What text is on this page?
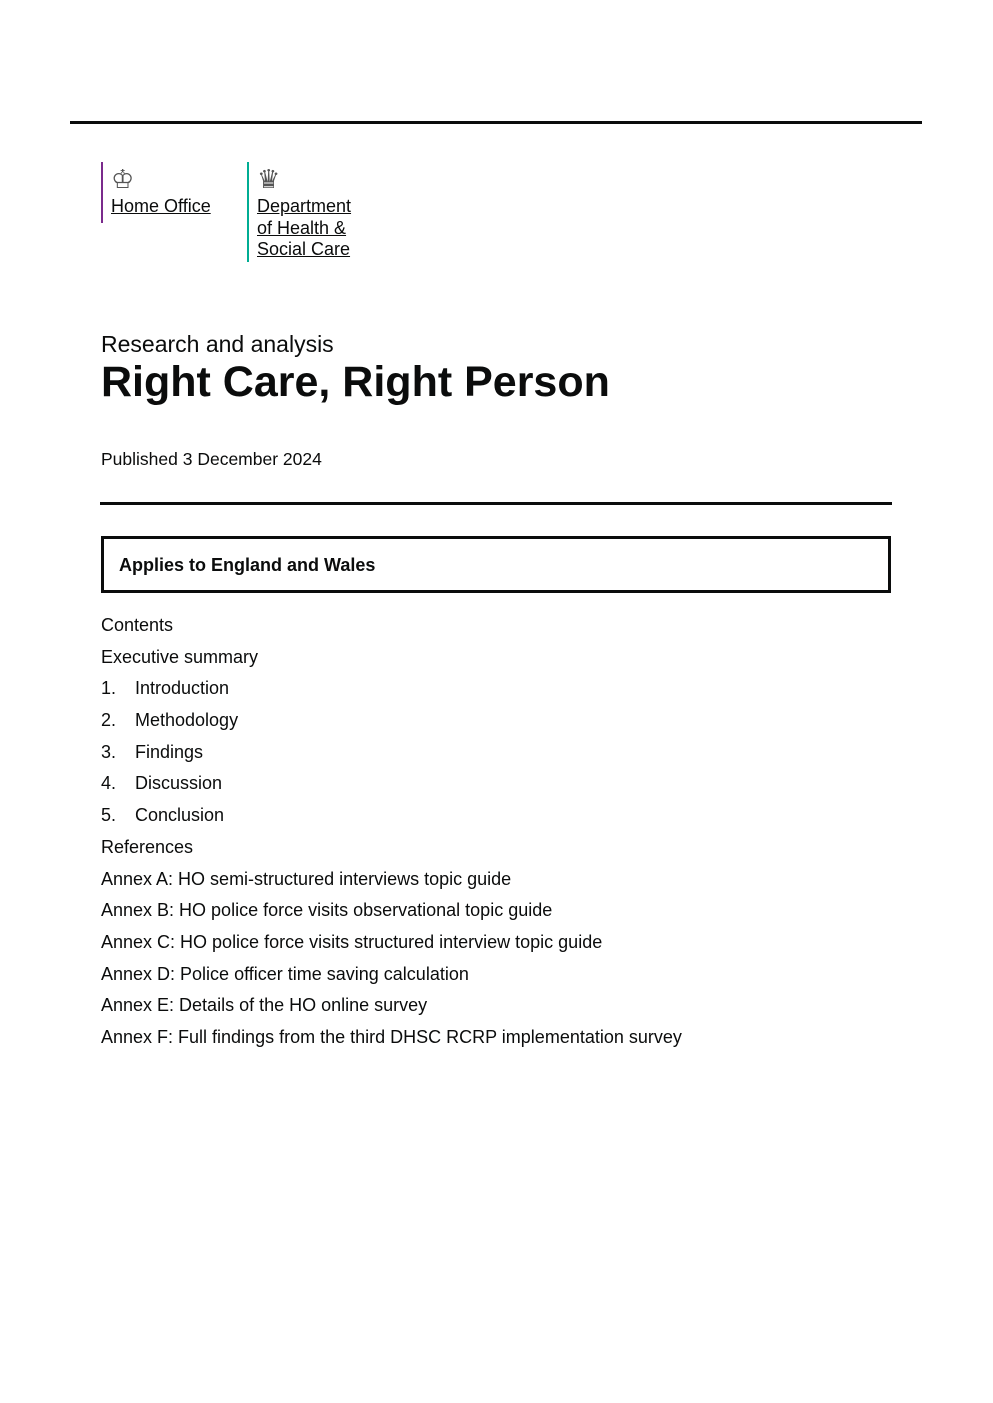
♔
Home Office
♛
Department
of Health &
Social Care
Research and analysis
Right Care, Right Person
Published 3 December 2024
Applies to England and Wales
Contents
Executive summary
1. Introduction
2. Methodology
3. Findings
4. Discussion
5. Conclusion
References
Annex A: HO semi-structured interviews topic guide
Annex B: HO police force visits observational topic guide
Annex C: HO police force visits structured interview topic guide
Annex D: Police officer time saving calculation
Annex E: Details of the HO online survey
Annex F: Full findings from the third DHSC RCRP implementation survey
